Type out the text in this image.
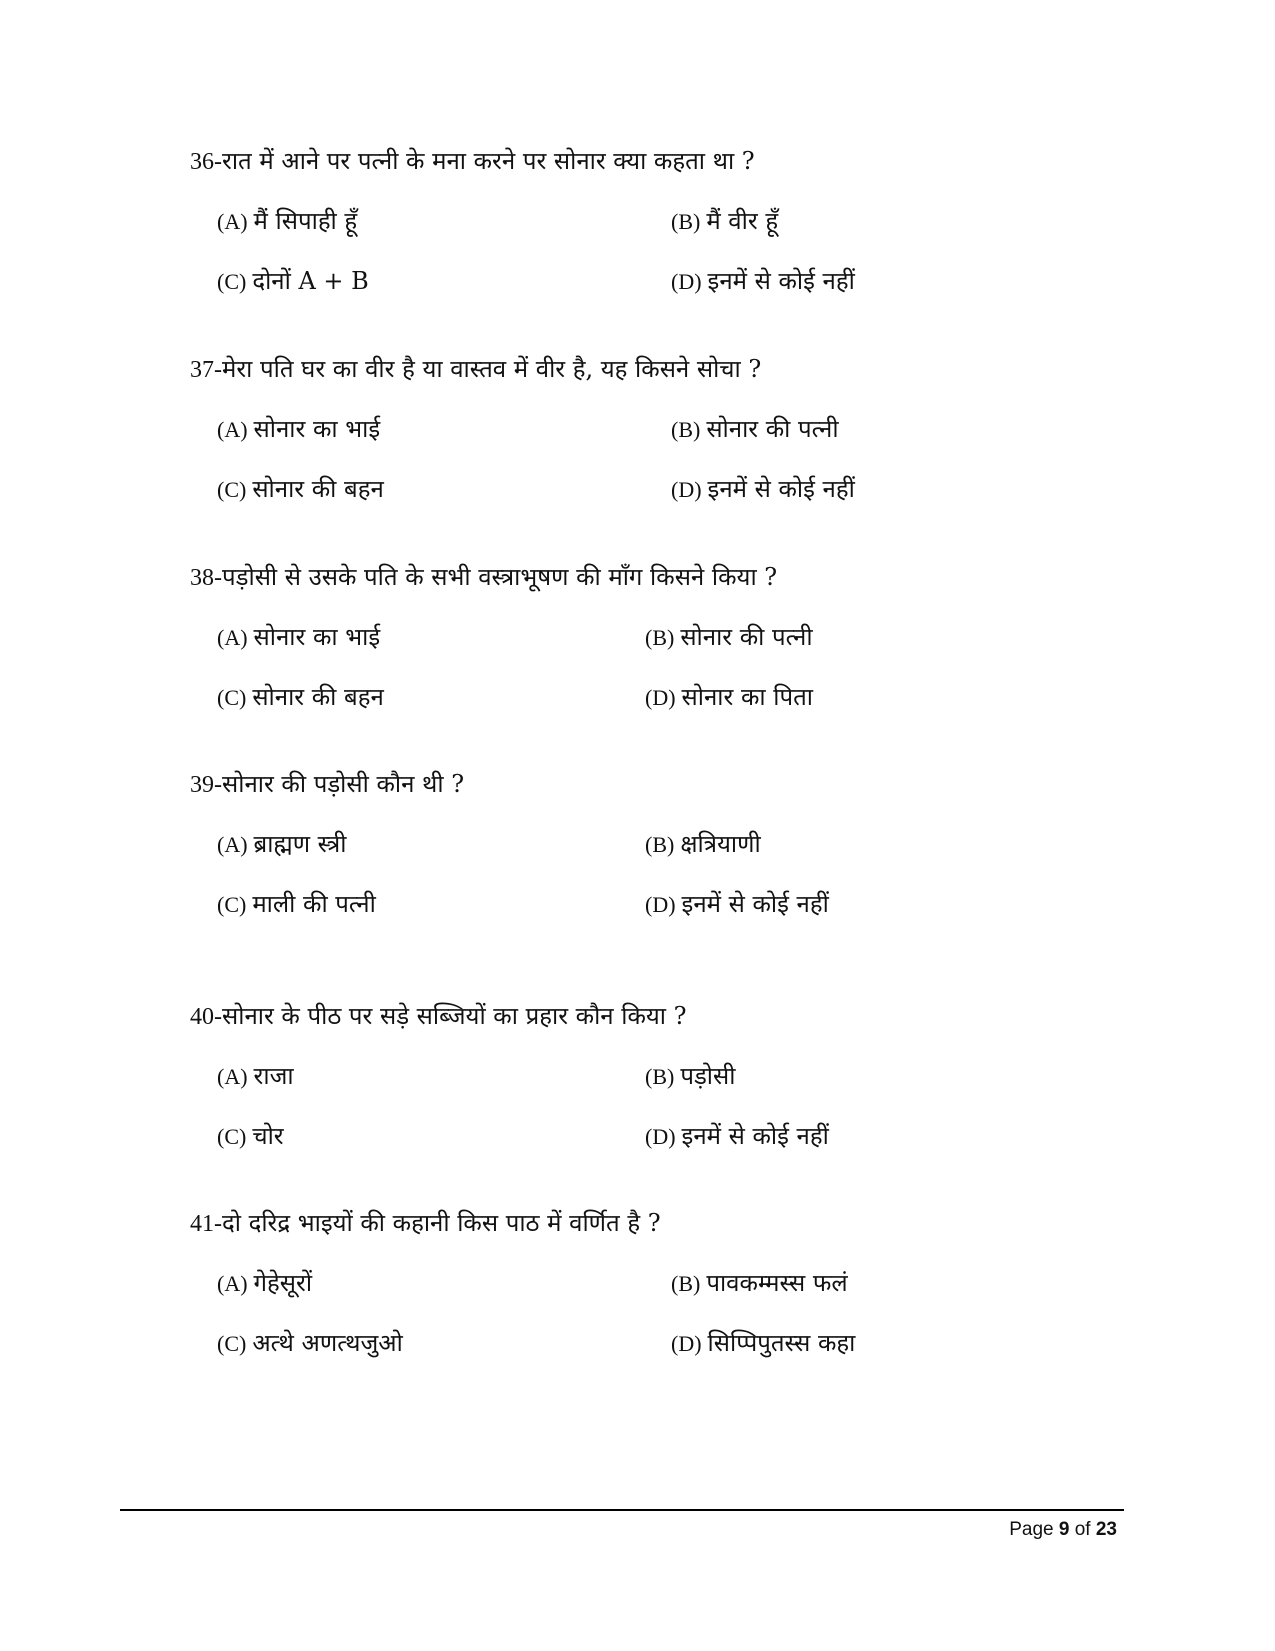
36-रात में आने पर पत्नी के मना करने पर सोनार क्या कहता था ?
(A) मैं सिपाही हूँ	(B) मैं वीर हूँ
(C) दोनों A + B	(D) इनमें से कोई नहीं
37-मेरा पति घर का वीर है या वास्तव में वीर है, यह किसने सोचा ?
(A) सोनार का भाई	(B) सोनार की पत्नी
(C) सोनार की बहन	(D) इनमें से कोई नहीं
38-पड़ोसी से उसके पति के सभी वस्त्राभूषण की माँग किसने किया ?
(A) सोनार का भाई	(B) सोनार की पत्नी
(C) सोनार की बहन	(D) सोनार का पिता
39-सोनार की पड़ोसी कौन थी ?
(A) ब्राह्मण स्त्री	(B) क्षत्रियाणी
(C) माली की पत्नी	(D) इनमें से कोई नहीं
40-सोनार के पीठ पर सड़े सब्जियों का प्रहार कौन किया ?
(A) राजा	(B) पड़ोसी
(C) चोर	(D) इनमें से कोई नहीं
41-दो दरिद्र भाइयों की कहानी किस पाठ में वर्णित है ?
(A) गेहेसूरों	(B) पावकम्मस्स फलं
(C) अत्थे अणत्थजुओ	(D) सिप्पिपुतस्स कहा
Page 9 of 23
